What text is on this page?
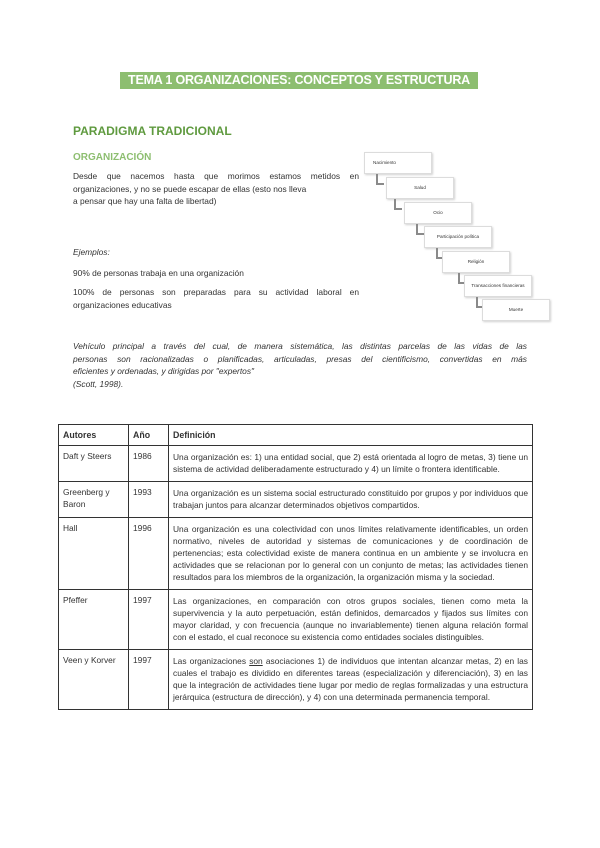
TEMA 1 ORGANIZACIONES: CONCEPTOS Y ESTRUCTURA
PARADIGMA TRADICIONAL
ORGANIZACIÓN
Desde que nacemos hasta que morimos estamos metidos en
organizaciones, y no se puede escapar de ellas (esto nos lleva
a pensar que hay una falta de libertad)
Ejemplos:
90% de personas trabaja en una organización
100% de personas son preparadas para su actividad laboral en
organizaciones educativas
Nacimiento
Salud
Ocio
Participación política
Religión
Transacciones financieras
Muerte
Vehículo principal a través del cual, de manera sistemática, las distintas parcelas de las vidas de las
personas son racionalizadas o planificadas, articuladas, presas del cientificismo, convertidas en más
eficientes y ordenadas, y dirigidas por "expertos"
(Scott, 1998).
Autores	Año	Definición
Daft y Steers	1986	Una organización es: 1) una entidad social, que 2) está orientada al logro de metas, 3) tiene un sistema de actividad deliberadamente estructurado y 4) un límite o frontera identificable.
Greenberg y Baron	1993	Una organización es un sistema social estructurado constituido por grupos y por individuos que trabajan juntos para alcanzar determinados objetivos compartidos.
Hall	1996	Una organización es una colectividad con unos límites relativamente identificables, un orden normativo, niveles de autoridad y sistemas de comunicaciones y de coordinación de pertenencias; esta colectividad existe de manera continua en un ambiente y se involucra en actividades que se relacionan por lo general con un conjunto de metas; las actividades tienen resultados para los miembros de la organización, la organización misma y la sociedad.
Pfeffer	1997	Las organizaciones, en comparación con otros grupos sociales, tienen como meta la supervivencia y la auto perpetuación, están definidos, demarcados y fijados sus límites con mayor claridad, y con frecuencia (aunque no invariablemente) tienen alguna relación formal con el estado, el cual reconoce su existencia como entidades sociales distinguibles.
Veen y Korver	1997	Las organizaciones son asociaciones 1) de individuos que intentan alcanzar metas, 2) en las cuales el trabajo es dividido en diferentes tareas (especialización y diferenciación), 3) en las que la integración de actividades tiene lugar por medio de reglas formalizadas y una estructura jerárquica (estructura de dirección), y 4) con una determinada permanencia temporal.
